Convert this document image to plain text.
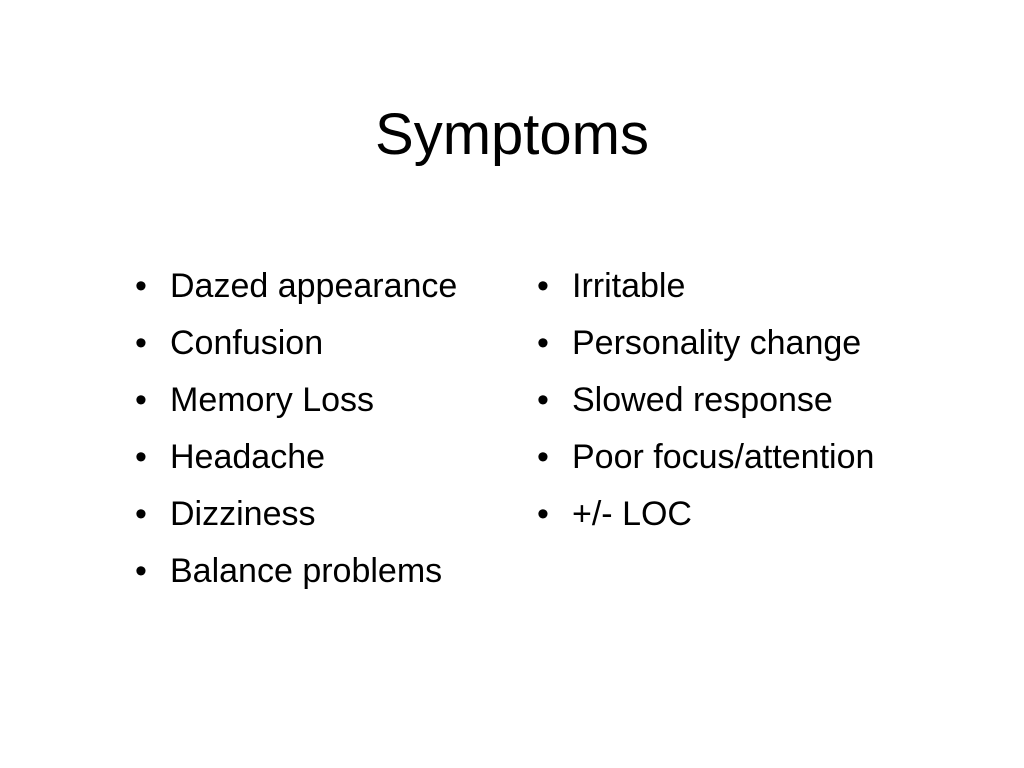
Symptoms
• Dazed appearance
• Confusion
• Memory Loss
• Headache
• Dizziness
• Balance problems
• Irritable
• Personality change
• Slowed response
• Poor focus/attention
• +/- LOC
